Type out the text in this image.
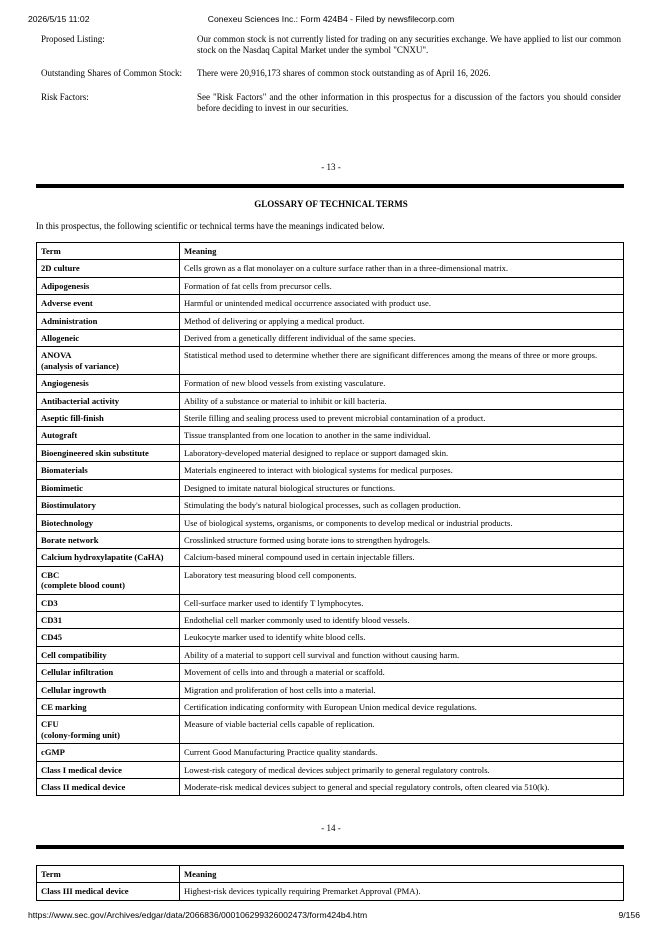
2026/5/15 11:02	Conexeu Sciences Inc.: Form 424B4 - Filed by newsfilecorp.com
Proposed Listing:	Our common stock is not currently listed for trading on any securities exchange. We have applied to list our common stock on the Nasdaq Capital Market under the symbol "CNXU".
Outstanding Shares of Common Stock:	There were 20,916,173 shares of common stock outstanding as of April 16, 2026.
Risk Factors:	See "Risk Factors" and the other information in this prospectus for a discussion of the factors you should consider before deciding to invest in our securities.
- 13 -
GLOSSARY OF TECHNICAL TERMS
In this prospectus, the following scientific or technical terms have the meanings indicated below.
Term	Meaning
2D culture	Cells grown as a flat monolayer on a culture surface rather than in a three-dimensional matrix.
Adipogenesis	Formation of fat cells from precursor cells.
Adverse event	Harmful or unintended medical occurrence associated with product use.
Administration	Method of delivering or applying a medical product.
Allogeneic	Derived from a genetically different individual of the same species.
ANOVA
(analysis of variance)	Statistical method used to determine whether there are significant differences among the means of three or more groups.
Angiogenesis	Formation of new blood vessels from existing vasculature.
Antibacterial activity	Ability of a substance or material to inhibit or kill bacteria.
Aseptic fill-finish	Sterile filling and sealing process used to prevent microbial contamination of a product.
Autograft	Tissue transplanted from one location to another in the same individual.
Bioengineered skin substitute	Laboratory-developed material designed to replace or support damaged skin.
Biomaterials	Materials engineered to interact with biological systems for medical purposes.
Biomimetic	Designed to imitate natural biological structures or functions.
Biostimulatory	Stimulating the body's natural biological processes, such as collagen production.
Biotechnology	Use of biological systems, organisms, or components to develop medical or industrial products.
Borate network	Crosslinked structure formed using borate ions to strengthen hydrogels.
Calcium hydroxylapatite (CaHA)	Calcium-based mineral compound used in certain injectable fillers.
CBC
(complete blood count)	Laboratory test measuring blood cell components.
CD3	Cell-surface marker used to identify T lymphocytes.
CD31	Endothelial cell marker commonly used to identify blood vessels.
CD45	Leukocyte marker used to identify white blood cells.
Cell compatibility	Ability of a material to support cell survival and function without causing harm.
Cellular infiltration	Movement of cells into and through a material or scaffold.
Cellular ingrowth	Migration and proliferation of host cells into a material.
CE marking	Certification indicating conformity with European Union medical device regulations.
CFU
(colony-forming unit)	Measure of viable bacterial cells capable of replication.
cGMP	Current Good Manufacturing Practice quality standards.
Class I medical device	Lowest-risk category of medical devices subject primarily to general regulatory controls.
Class II medical device	Moderate-risk medical devices subject to general and special regulatory controls, often cleared via 510(k).
- 14 -
Term	Meaning
Class III medical device	Highest-risk devices typically requiring Premarket Approval (PMA).
https://www.sec.gov/Archives/edgar/data/2066836/000106299326002473/form424b4.htm	9/156
